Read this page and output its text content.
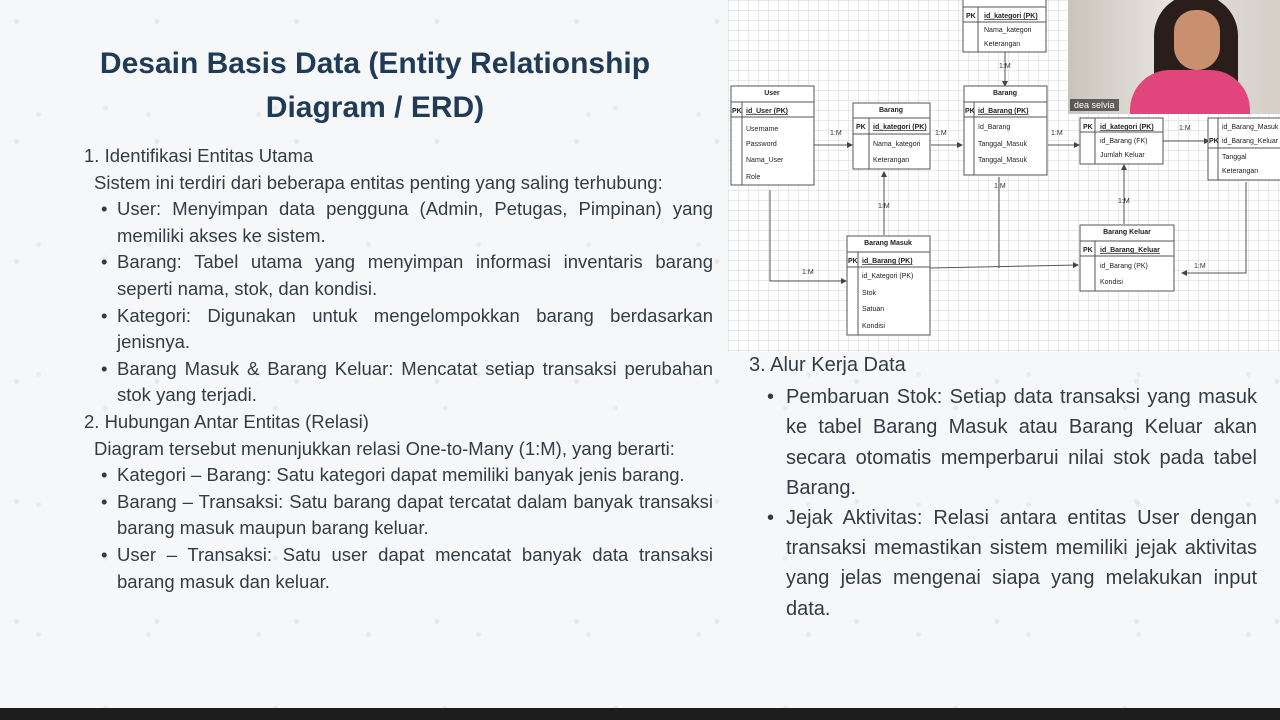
Desain Basis Data (Entity Relationship Diagram / ERD)

1. Identifikasi Entitas Utama

Sistem ini terdiri dari beberapa entitas penting yang saling terhubung:

• User: Menyimpan data pengguna (Admin, Petugas, Pimpinan) yang memiliki akses ke sistem.
• Barang: Tabel utama yang menyimpan informasi inventaris barang seperti nama, stok, dan kondisi.
• Kategori: Digunakan untuk mengelompokkan barang berdasarkan jenisnya.
• Barang Masuk & Barang Keluar: Mencatat setiap transaksi perubahan stok yang terjadi.

2. Hubungan Antar Entitas (Relasi)

Diagram tersebut menunjukkan relasi One-to-Many (1:M), yang berarti:

• Kategori – Barang: Satu kategori dapat memiliki banyak jenis barang.
• Barang – Transaksi: Satu barang dapat tercatat dalam banyak transaksi barang masuk maupun barang keluar.
• User – Transaksi: Satu user dapat mencatat banyak data transaksi barang masuk dan keluar.
1:M	1:M
1:M
1:M
1:M
1:M
1:M
1:M
1:M
1:M
PK id_kategori (PK)
Nama_kategori
Keterangan
User
PK id_User (PK)
Username
Password
Nama_User
Role
Barang
PK id_kategori (PK)
Nama_kategori
Keterangan
Barang
PK id_Barang (PK)
Id_Barang
Tanggal_Masuk
Tanggal_Masuk
PK id_kategori (PK)
id_Barang (FK)
Jumlah Keluar
PK
id_Barang_Masuk
id_Barang_Keluar
Tanggal
Keterangan
Barang Masuk
PK id_Barang (PK)
id_Kategori (PK)
Stok
Satuan
Kondisi
Barang Keluar
PK id_Barang_Keluar
id_Barang (PK)
Kondisi

3. Alur Kerja Data

• Pembaruan Stok: Setiap data transaksi yang masuk ke tabel Barang Masuk atau Barang Keluar akan secara otomatis memperbarui nilai stok pada tabel Barang.
• Jejak Aktivitas: Relasi antara entitas User dengan transaksi memastikan sistem memiliki jejak aktivitas yang jelas mengenai siapa yang melakukan input data.
dea selvia
